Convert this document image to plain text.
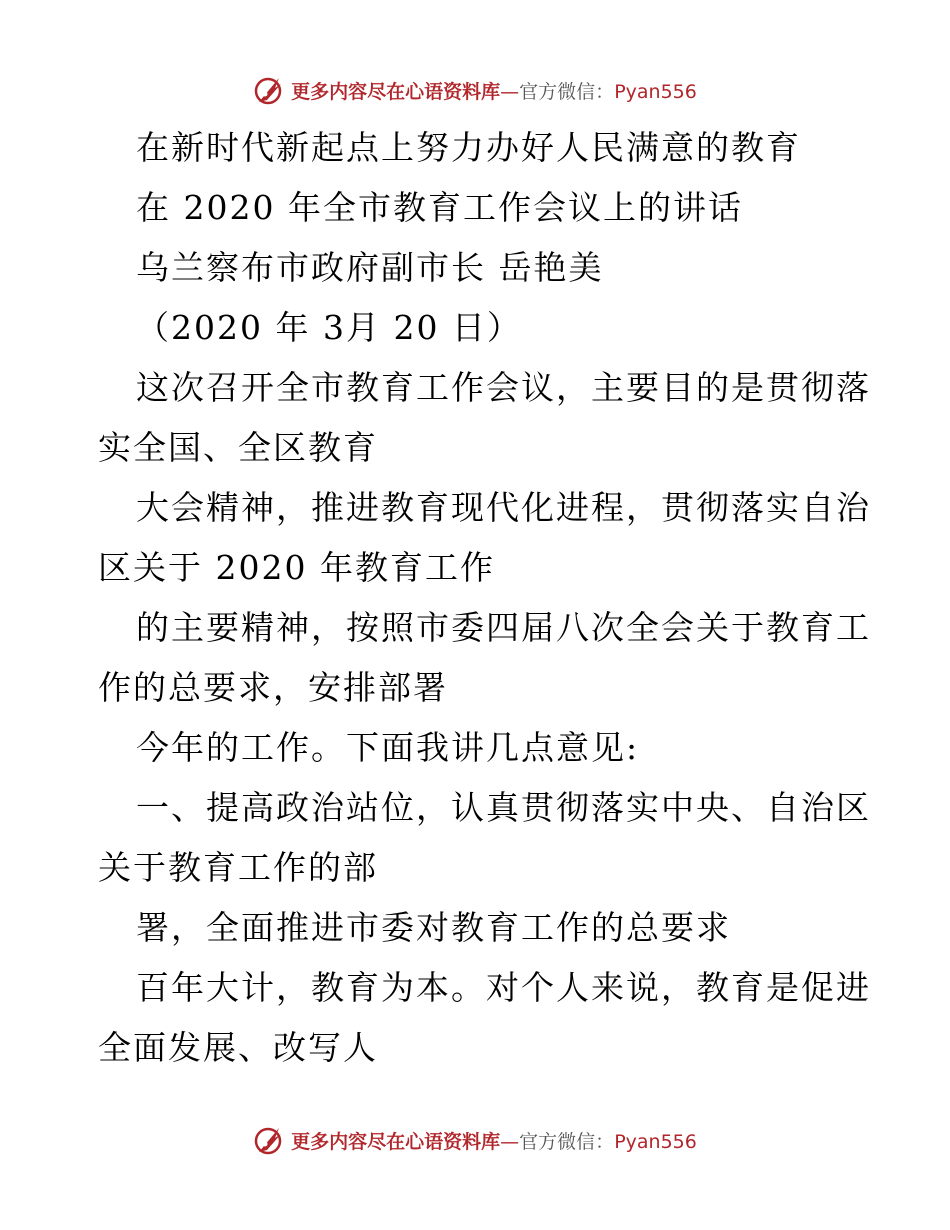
更多内容尽在心语资料库—官方微信：Pyan556
在新时代新起点上努力办好人民满意的教育
在 2020 年全市教育工作会议上的讲话
乌兰察布市政府副市长 岳艳美
（2020 年 3月 20 日）
这次召开全市教育工作会议，主要目的是贯彻落
实全国、全区教育
大会精神，推进教育现代化进程，贯彻落实自治
区关于 2020 年教育工作
的主要精神，按照市委四届八次全会关于教育工
作的总要求，安排部署
今年的工作。下面我讲几点意见:
一、提高政治站位，认真贯彻落实中央、自治区
关于教育工作的部
署，全面推进市委对教育工作的总要求
百年大计，教育为本。对个人来说，教育是促进
全面发展、改写人
更多内容尽在心语资料库—官方微信：Pyan556
